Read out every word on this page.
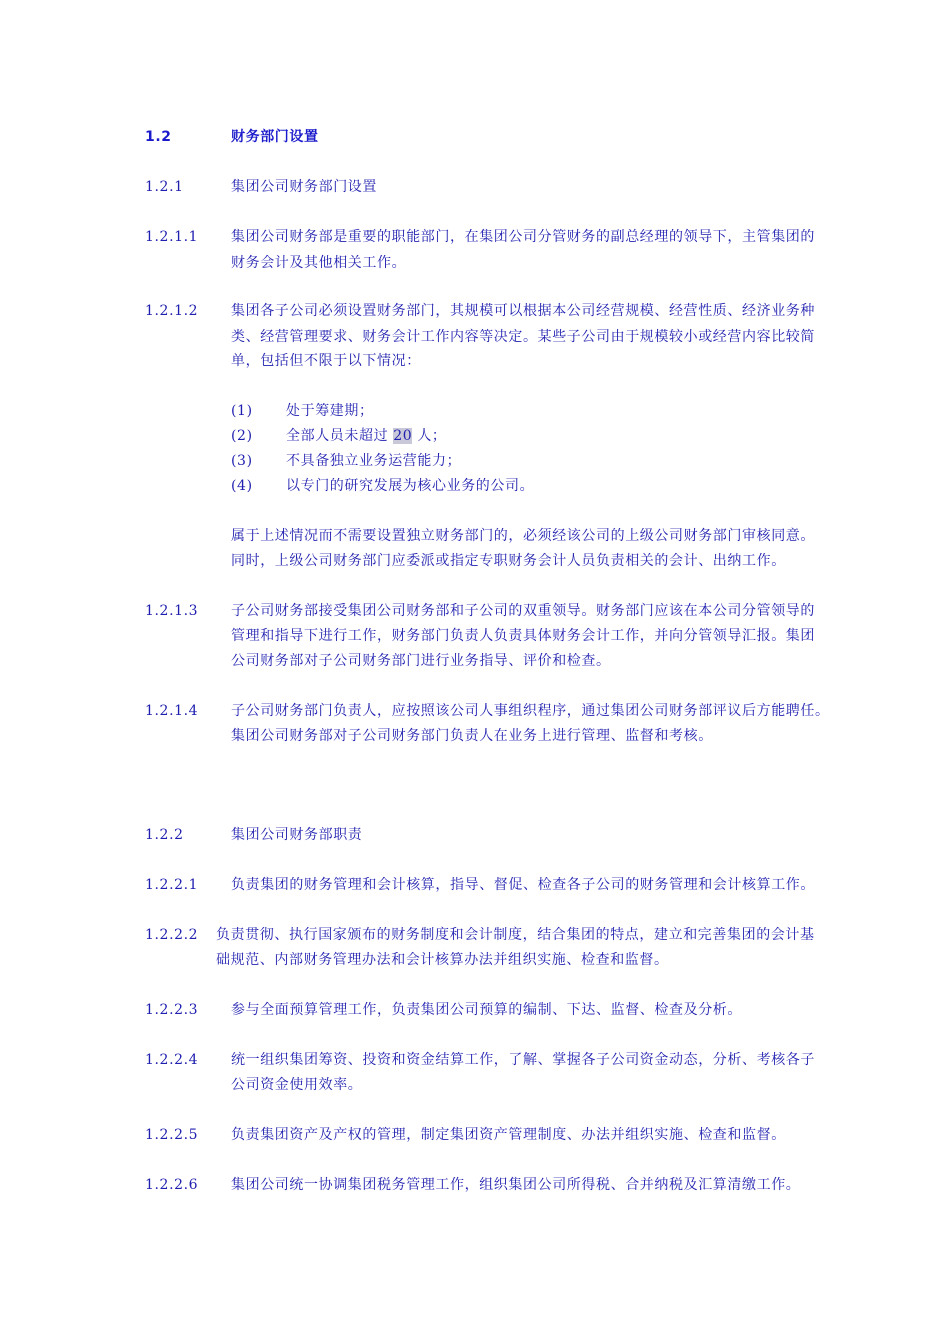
1.2	财务部门设置
1.2.1	集团公司财务部门设置
1.2.1.1 集团公司财务部是重要的职能部门，在集团公司分管财务的副总经理的领导下，主管集团的
财务会计及其他相关工作。
1.2.1.2 集团各子公司必须设置财务部门，其规模可以根据本公司经营规模、经营性质、经济业务种
类、经营管理要求、财务会计工作内容等决定。某些子公司由于规模较小或经营内容比较简
单，包括但不限于以下情况：
(1) 处于筹建期；
(2) 全部人员未超过 20 人；
(3) 不具备独立业务运营能力；
(4) 以专门的研究发展为核心业务的公司。
属于上述情况而不需要设置独立财务部门的，必须经该公司的上级公司财务部门审核同意。
同时，上级公司财务部门应委派或指定专职财务会计人员负责相关的会计、出纳工作。
1.2.1.3 子公司财务部接受集团公司财务部和子公司的双重领导。财务部门应该在本公司分管领导的
管理和指导下进行工作，财务部门负责人负责具体财务会计工作，并向分管领导汇报。集团
公司财务部对子公司财务部门进行业务指导、评价和检查。
1.2.1.4 子公司财务部门负责人，应按照该公司人事组织程序，通过集团公司财务部评议后方能聘任。
集团公司财务部对子公司财务部门负责人在业务上进行管理、监督和考核。
1.2.2	集团公司财务部职责
1.2.2.1 负责集团的财务管理和会计核算，指导、督促、检查各子公司的财务管理和会计核算工作。
1.2.2.2 负责贯彻、执行国家颁布的财务制度和会计制度，结合集团的特点，建立和完善集团的会计基
础规范、内部财务管理办法和会计核算办法并组织实施、检查和监督。
1.2.2.3 参与全面预算管理工作，负责集团公司预算的编制、下达、监督、检查及分析。
1.2.2.4 统一组织集团筹资、投资和资金结算工作，了解、掌握各子公司资金动态，分析、考核各子
公司资金使用效率。
1.2.2.5 负责集团资产及产权的管理，制定集团资产管理制度、办法并组织实施、检查和监督。
1.2.2.6 集团公司统一协调集团税务管理工作，组织集团公司所得税、合并纳税及汇算清缴工作。
